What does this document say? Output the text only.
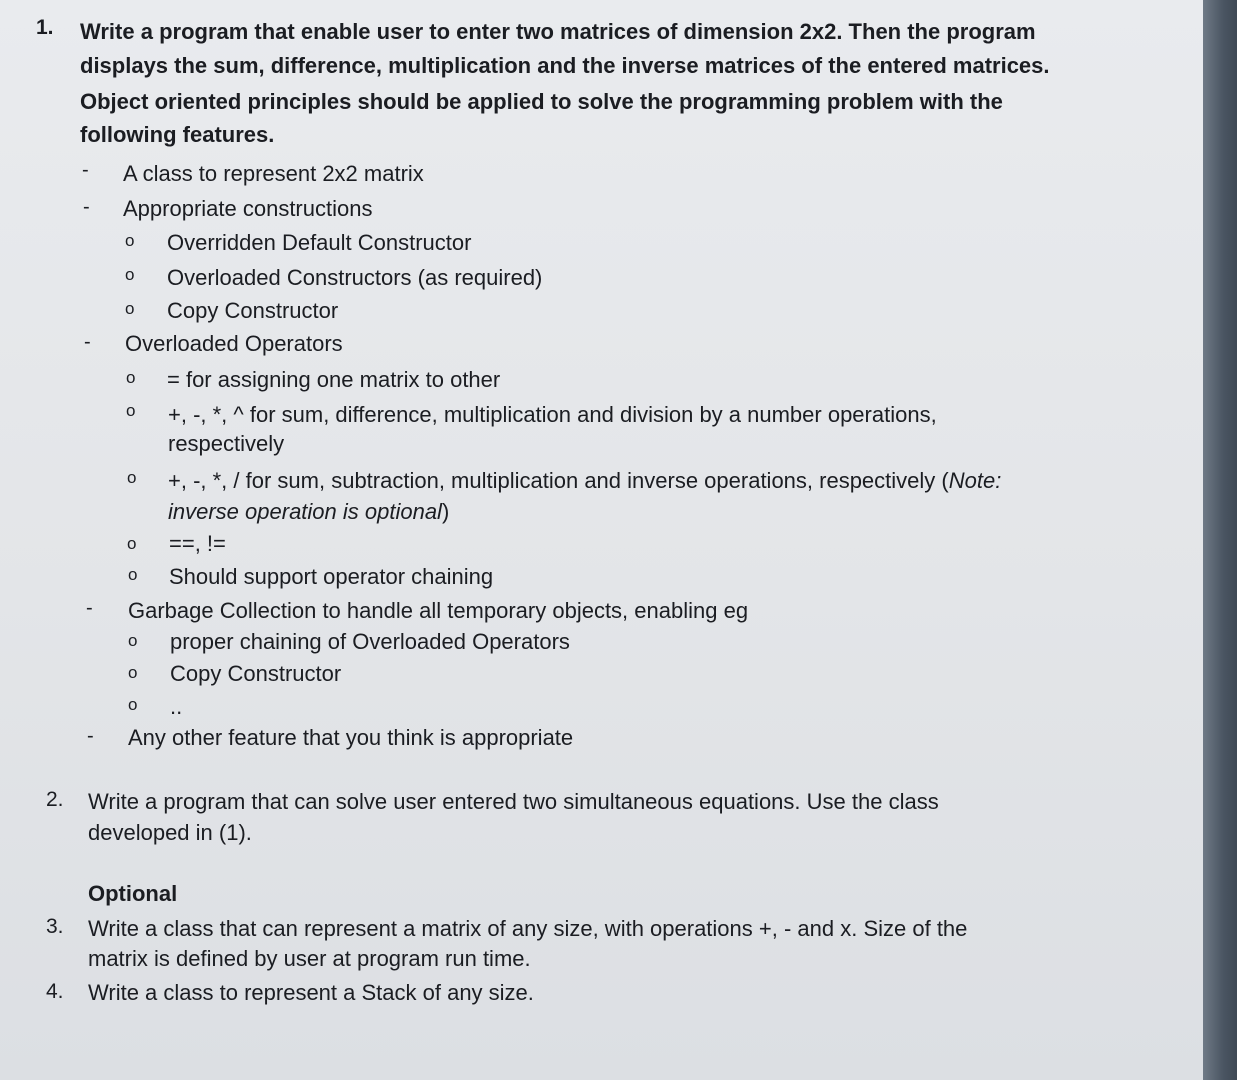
1. Write a program that enable user to enter two matrices of dimension 2x2. Then the program
displays the sum, difference, multiplication and the inverse matrices of the entered matrices.
Object oriented principles should be applied to solve the programming problem with the
following features.
- A class to represent 2x2 matrix
- Appropriate constructions
o Overridden Default Constructor
o Overloaded Constructors (as required)
o Copy Constructor
- Overloaded Operators
o = for assigning one matrix to other
o +, -, *, ^ for sum, difference, multiplication and division by a number operations,
respectively
o +, -, *, / for sum, subtraction, multiplication and inverse operations, respectively (Note:
inverse operation is optional)
o ==, !=
o Should support operator chaining
- Garbage Collection to handle all temporary objects, enabling eg
o proper chaining of Overloaded Operators
o Copy Constructor
o ..
- Any other feature that you think is appropriate
2. Write a program that can solve user entered two simultaneous equations. Use the class
developed in (1).
Optional
3. Write a class that can represent a matrix of any size, with operations +, - and x. Size of the
matrix is defined by user at program run time.
4. Write a class to represent a Stack of any size.
